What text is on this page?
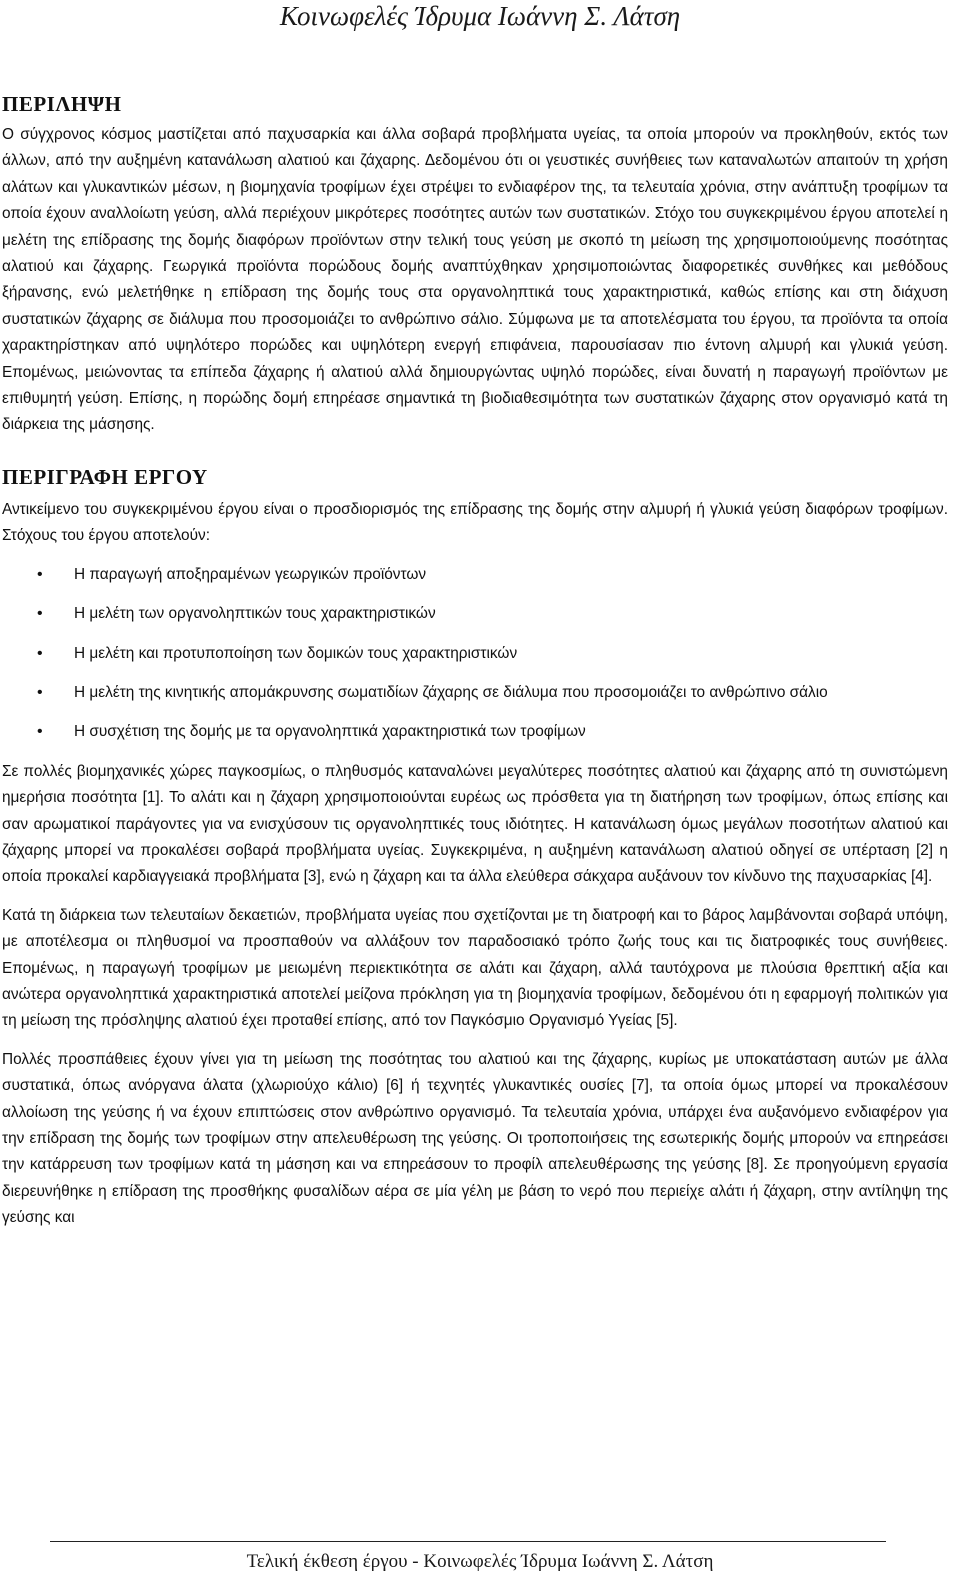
Κοινωφελές Ίδρυμα Ιωάννη Σ. Λάτση
ΠΕΡΙΛΗΨΗ

Ο σύγχρονος κόσμος μαστίζεται από παχυσαρκία και άλλα σοβαρά προβλήματα υγείας, τα οποία μπορούν να προκληθούν, εκτός των άλλων, από την αυξημένη κατανάλωση αλατιού και ζάχαρης. Δεδομένου ότι οι γευστικές συνήθειες των καταναλωτών απαιτούν τη χρήση αλάτων και γλυκαντικών μέσων, η βιομηχανία τροφίμων έχει στρέψει το ενδιαφέρον της, τα τελευταία χρόνια, στην ανάπτυξη τροφίμων τα οποία έχουν αναλλοίωτη γεύση, αλλά περιέχουν μικρότερες ποσότητες αυτών των συστατικών. Στόχο του συγκεκριμένου έργου αποτελεί η μελέτη της επίδρασης της δομής διαφόρων προϊόντων στην τελική τους γεύση με σκοπό τη μείωση της χρησιμοποιούμενης ποσότητας αλατιού και ζάχαρης. Γεωργικά προϊόντα πορώδους δομής αναπτύχθηκαν χρησιμοποιώντας διαφορετικές συνθήκες και μεθόδους ξήρανσης, ενώ μελετήθηκε η επίδραση της δομής τους στα οργανοληπτικά τους χαρακτηριστικά, καθώς επίσης και στη διάχυση συστατικών ζάχαρης σε διάλυμα που προσομοιάζει το ανθρώπινο σάλιο. Σύμφωνα με τα αποτελέσματα του έργου, τα προϊόντα τα οποία χαρακτηρίστηκαν από υψηλότερο πορώδες και υψηλότερη ενεργή επιφάνεια, παρουσίασαν πιο έντονη αλμυρή και γλυκιά γεύση. Επομένως, μειώνοντας τα επίπεδα ζάχαρης ή αλατιού αλλά δημιουργώντας υψηλό πορώδες, είναι δυνατή η παραγωγή προϊόντων με επιθυμητή γεύση. Επίσης, η πορώδης δομή επηρέασε σημαντικά τη βιοδιαθεσιμότητα των συστατικών ζάχαρης στον οργανισμό κατά τη διάρκεια της μάσησης.

ΠΕΡΙΓΡΑΦΗ ΕΡΓΟΥ

Αντικείμενο του συγκεκριμένου έργου είναι ο προσδιορισμός της επίδρασης της δομής στην αλμυρή ή γλυκιά γεύση διαφόρων τροφίμων. Στόχους του έργου αποτελούν:

• Η παραγωγή αποξηραμένων γεωργικών προϊόντων
• Η μελέτη των οργανοληπτικών τους χαρακτηριστικών
• Η μελέτη και προτυποποίηση των δομικών τους χαρακτηριστικών
• Η μελέτη της κινητικής απομάκρυνσης σωματιδίων ζάχαρης σε διάλυμα που προσομοιάζει το ανθρώπινο σάλιο
• Η συσχέτιση της δομής με τα οργανοληπτικά χαρακτηριστικά των τροφίμων

Σε πολλές βιομηχανικές χώρες παγκοσμίως, ο πληθυσμός καταναλώνει μεγαλύτερες ποσότητες αλατιού και ζάχαρης από τη συνιστώμενη ημερήσια ποσότητα [1]. Το αλάτι και η ζάχαρη χρησιμοποιούνται ευρέως ως πρόσθετα για τη διατήρηση των τροφίμων, όπως επίσης και σαν αρωματικοί παράγοντες για να ενισχύσουν τις οργανοληπτικές τους ιδιότητες. Η κατανάλωση όμως μεγάλων ποσοτήτων αλατιού και ζάχαρης μπορεί να προκαλέσει σοβαρά προβλήματα υγείας. Συγκεκριμένα, η αυξημένη κατανάλωση αλατιού οδηγεί σε υπέρταση [2] η οποία προκαλεί καρδιαγγειακά προβλήματα [3], ενώ η ζάχαρη και τα άλλα ελεύθερα σάκχαρα αυξάνουν τον κίνδυνο της παχυσαρκίας [4].

Κατά τη διάρκεια των τελευταίων δεκαετιών, προβλήματα υγείας που σχετίζονται με τη διατροφή και το βάρος λαμβάνονται σοβαρά υπόψη, με αποτέλεσμα οι πληθυσμοί να προσπαθούν να αλλάξουν τον παραδοσιακό τρόπο ζωής τους και τις διατροφικές τους συνήθειες. Επομένως, η παραγωγή τροφίμων με μειωμένη περιεκτικότητα σε αλάτι και ζάχαρη, αλλά ταυτόχρονα με πλούσια θρεπτική αξία και ανώτερα οργανοληπτικά χαρακτηριστικά αποτελεί μείζονα πρόκληση για τη βιομηχανία τροφίμων, δεδομένου ότι η εφαρμογή πολιτικών για τη μείωση της πρόσληψης αλατιού έχει προταθεί επίσης, από τον Παγκόσμιο Οργανισμό Υγείας [5].

Πολλές προσπάθειες έχουν γίνει για τη μείωση της ποσότητας του αλατιού και της ζάχαρης, κυρίως με υποκατάσταση αυτών με άλλα συστατικά, όπως ανόργανα άλατα (χλωριούχο κάλιο) [6] ή τεχνητές γλυκαντικές ουσίες [7], τα οποία όμως μπορεί να προκαλέσουν αλλοίωση της γεύσης ή να έχουν επιπτώσεις στον ανθρώπινο οργανισμό. Τα τελευταία χρόνια, υπάρχει ένα αυξανόμενο ενδιαφέρον για την επίδραση της δομής των τροφίμων στην απελευθέρωση της γεύσης. Οι τροποποιήσεις της εσωτερικής δομής μπορούν να επηρεάσει την κατάρρευση των τροφίμων κατά τη μάσηση και να επηρεάσουν το προφίλ απελευθέρωσης της γεύσης [8]. Σε προηγούμενη εργασία διερευνήθηκε η επίδραση της προσθήκης φυσαλίδων αέρα σε μία γέλη με βάση το νερό που περιείχε αλάτι ή ζάχαρη, στην αντίληψη της γεύσης και

Τελική έκθεση έργου - Κοινωφελές Ίδρυμα Ιωάννη Σ. Λάτση
